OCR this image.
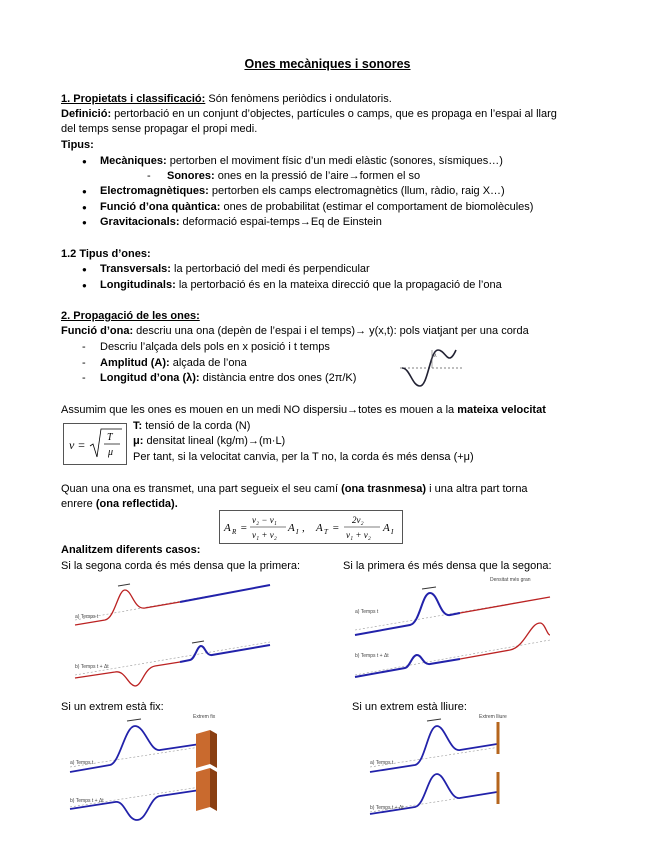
Ones mecàniques i sonores
1. Propietats i classificació: Són fenòmens periòdics i ondulatoris.
Definició: pertorbació en un conjunt d’objectes, partícules o camps, que es propaga en l’espai al llarg
del temps sense propagar el propi medi.
Tipus:
● Mecàniques: pertorben el moviment físic d’un medi elàstic (sonores, sísmiques…)
- Sonores: ones en la pressió de l’aire→formen el so
● Electromagnètiques: pertorben els camps electromagnètics (llum, ràdio, raig X…)
● Funció d’ona quàntica: ones de probabilitat (estimar el comportament de biomolècules)
● Gravitacionals: deformació espai-temps→Eq de Einstein
1.2 Tipus d’ones:
● Transversals: la pertorbació del medi és perpendicular
● Longitudinals: la pertorbació és en la mateixa direcció que la propagació de l’ona
2. Propagació de les ones:
Funció d’ona: descriu una ona (depèn de l’espai i el temps)→ y(x,t): pols viatjant per una corda
- Descriu l’alçada dels pols en x posició i t temps
- Amplitud (A): alçada de l’ona
- Longitud d’ona (λ): distància entre dos ones (2π/K)
λ
Assumim que les ones es mouen en un medi NO dispersiu→totes es mouen a la mateixa velocitat
v =
T
μ
T: tensió de la corda (N)
μ: densitat lineal (kg/m)→(m·L)
Per tant, si la velocitat canvia, per la T no, la corda és més densa (+μ)
Quan una ona es transmet, una part segueix el seu camí (ona trasnmesa) i una altra part torna
enrere (ona reflectida).
A R =
v₂ − v₁
v₁ + v₂
A I , A T =
2v₂
v₁ + v₂
A I
Analitzem diferents casos:
Si la segona corda és més densa que la primera:	Si la primera és més densa que la segona:
a) Temps t
b) Temps t + Δt
Densitat més gran
a) Temps t
b) Temps t + Δt
Si un extrem està fix:	Si un extrem està lliure:
Extrem fix
a) Temps t
b) Temps t + Δt
Extrem lliure
a) Temps t
b) Temps t + Δt
